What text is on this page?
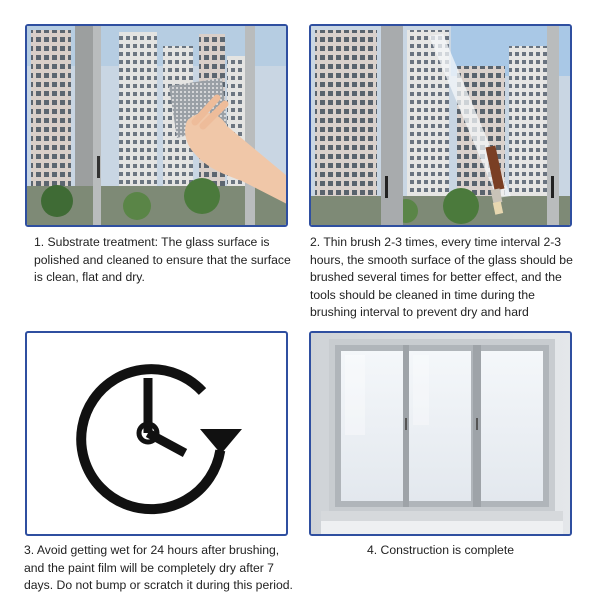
1. Substrate treatment: The glass surface is polished and cleaned to ensure that the surface is clean, flat and dry.

2. Thin brush 2-3 times, every time interval 2-3 hours, the smooth surface of the glass should be brushed several times for better effect, and the tools should be cleaned in time during the brushing interval to prevent dry and hard

3. Avoid getting wet for 24 hours after brushing, and the paint film will be completely dry after 7 days. Do not bump or scratch it during this period.

4. Construction is complete
